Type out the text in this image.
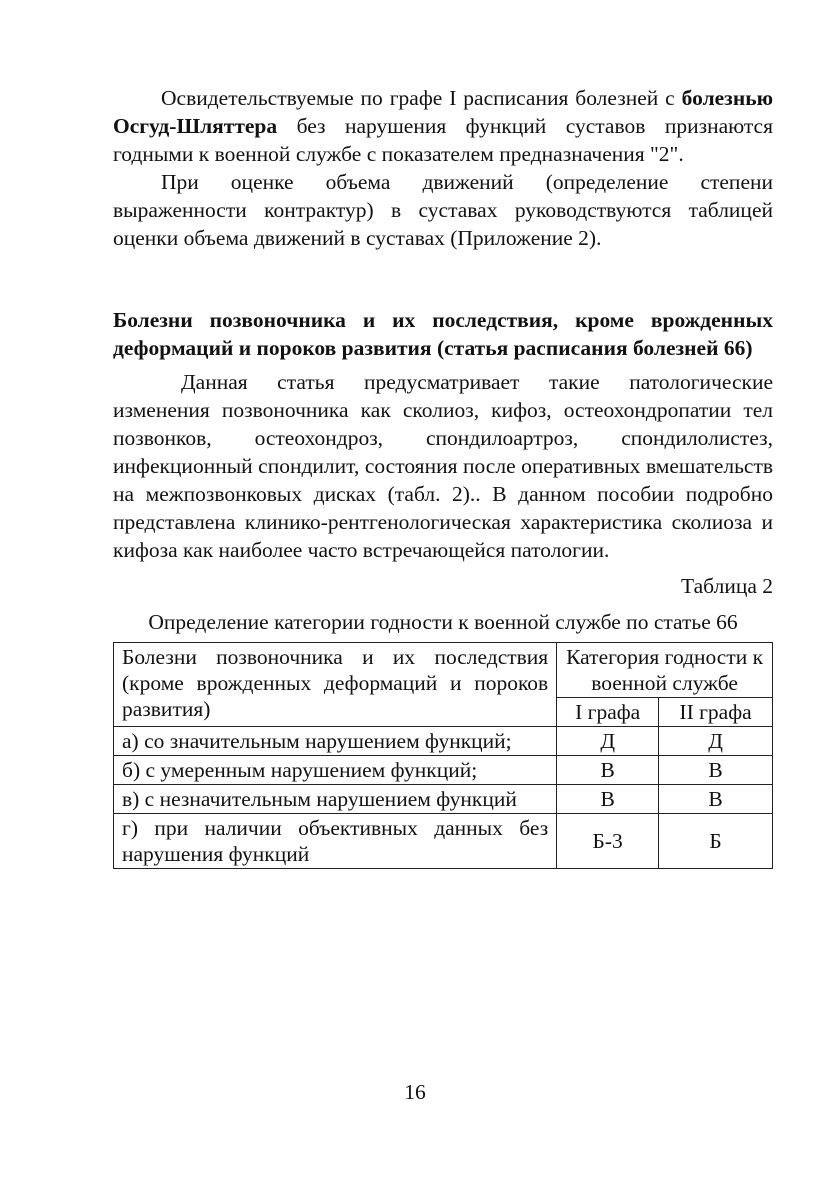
Освидетельствуемые по графе I расписания болезней с болезнью Осгуд-Шляттера без нарушения функций суставов признаются годными к военной службе с показателем предназначения "2".

При оценке объема движений (определение степени выраженности контрактур) в суставах руководствуются таблицей оценки объема движений в суставах (Приложение 2).

Болезни позвоночника и их последствия, кроме врожденных деформаций и пороков развития (статья расписания болезней 66)

Данная статья предусматривает такие патологические изменения позвоночника как сколиоз, кифоз, остеохондропатии тел позвонков, остеохондроз, спондилоартроз, спондилолистез, инфекционный спондилит, состояния после оперативных вмешательств на межпозвонковых дисках (табл. 2).. В данном пособии подробно представлена клинико-рентгенологическая характеристика сколиоза и кифоза как наиболее часто встречающейся патологии.

Таблица 2

Определение категории годности к военной службе по статье 66

Болезни позвоночника и их последствия (кроме врожденных деформаций и пороков развития)	Категория годности к военной службе	
	I графа	II графа
а) со значительным нарушением функций;	Д	Д
б) с умеренным нарушением функций;	В	В
в) с незначительным нарушением функций	В	В
г) при наличии объективных данных без нарушения функций	Б-3	Б
16
